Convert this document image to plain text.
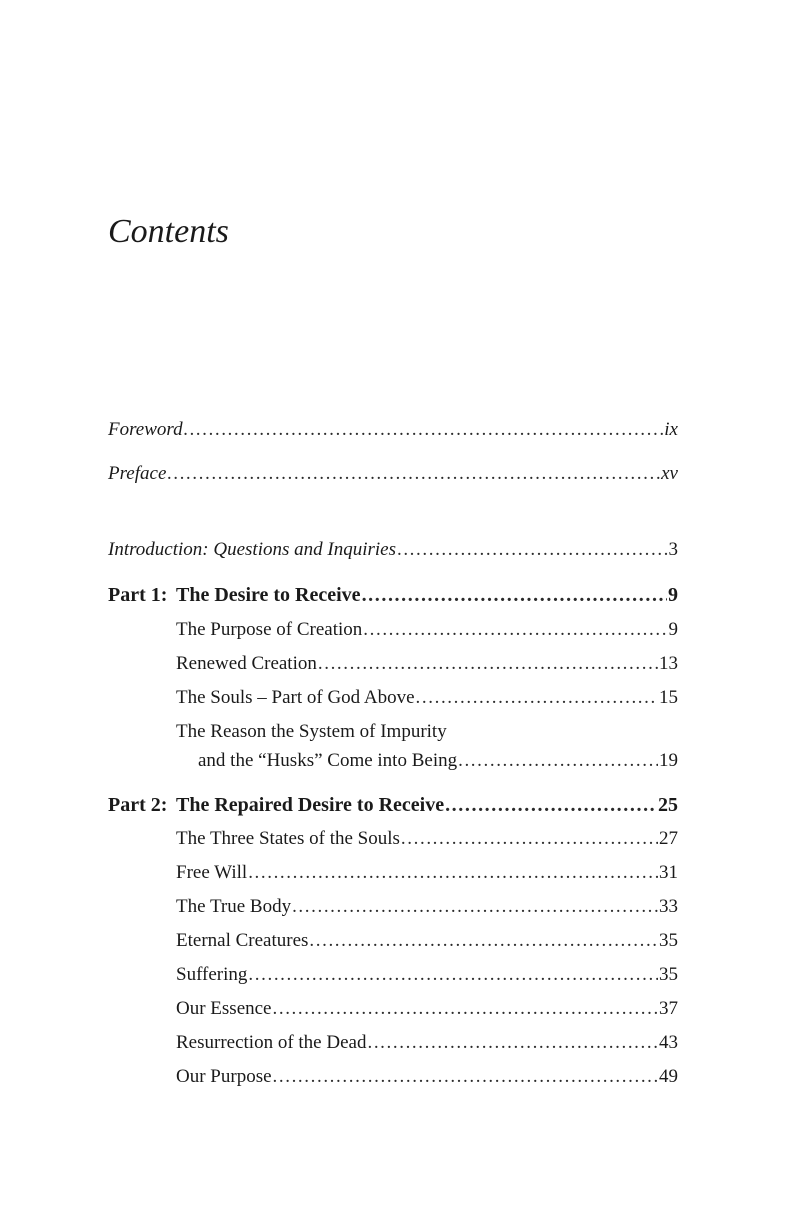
Contents
Foreword .....	ix
Preface .....	xv
Introduction: Questions and Inquiries .....	3
Part 1: The Desire to Receive .....	9
The Purpose of Creation .....	9
Renewed Creation .....	13
The Souls – Part of God Above .....	15
The Reason the System of Impurity
and the “Husks” Come into Being .....	19
Part 2: The Repaired Desire to Receive .....	25
The Three States of the Souls .....	27
Free Will .....	31
The True Body .....	33
Eternal Creatures .....	35
Suffering .....	35
Our Essence .....	37
Resurrection of the Dead .....	43
Our Purpose .....	49
